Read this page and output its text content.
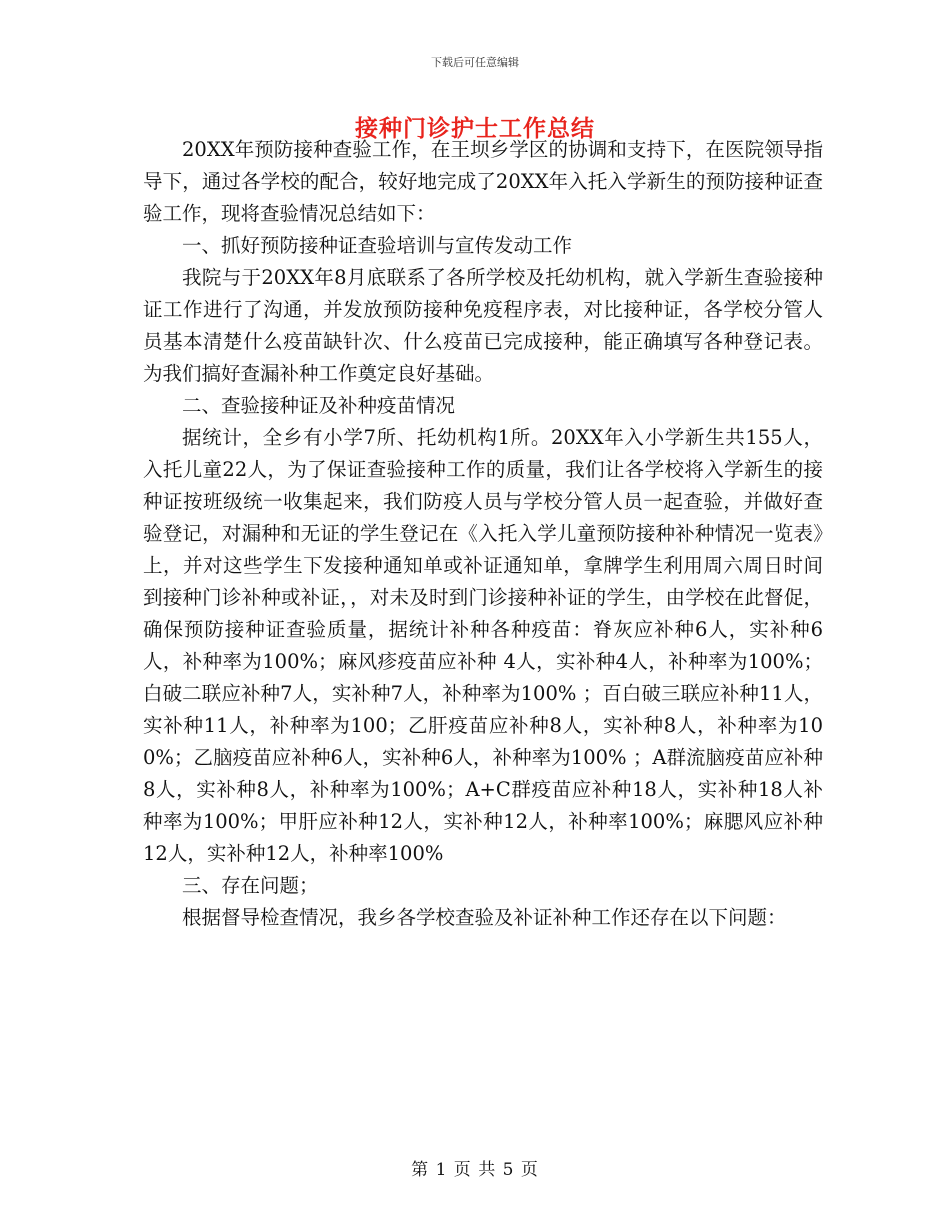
下载后可任意编辑
接种门诊护士工作总结

20XX年预防接种查验工作，在王坝乡学区的协调和支持下，在医院领导指导下，通过各学校的配合，较好地完成了20XX年入托入学新生的预防接种证查验工作，现将查验情况总结如下：

一、抓好预防接种证查验培训与宣传发动工作

我院与于20XX年8月底联系了各所学校及托幼机构，就入学新生查验接种证工作进行了沟通，并发放预防接种免疫程序表，对比接种证，各学校分管人员基本清楚什么疫苗缺针次、什么疫苗已完成接种，能正确填写各种登记表。为我们搞好查漏补种工作奠定良好基础。

二、查验接种证及补种疫苗情况

据统计，全乡有小学7所、托幼机构1所。20XX年入小学新生共155人，入托儿童22人，为了保证查验接种工作的质量，我们让各学校将入学新生的接种证按班级统一收集起来，我们防疫人员与学校分管人员一起查验，并做好查验登记，对漏种和无证的学生登记在《入托入学儿童预防接种补种情况一览表》上，并对这些学生下发接种通知单或补证通知单，拿牌学生利用周六周日时间到接种门诊补种或补证，，对未及时到门诊接种补证的学生，由学校在此督促，确保预防接种证查验质量，据统计补种各种疫苗：脊灰应补种6人，实补种6人，补种率为100%；麻风疹疫苗应补种 4人，实补种4人，补种率为100%；白破二联应补种7人，实补种7人，补种率为100% ；百白破三联应补种11人，实补种11人，补种率为100；乙肝疫苗应补种8人，实补种8人，补种率为100%；乙脑疫苗应补种6人，实补种6人，补种率为100% ；A群流脑疫苗应补种8人，实补种8人，补种率为100%；A+C群疫苗应补种18人，实补种18人补种率为100%；甲肝应补种12人，实补种12人，补种率100%；麻腮风应补种12人，实补种12人，补种率100%

三、存在问题；

根据督导检查情况，我乡各学校查验及补证补种工作还存在以下问题：

第 1 页 共 5 页
